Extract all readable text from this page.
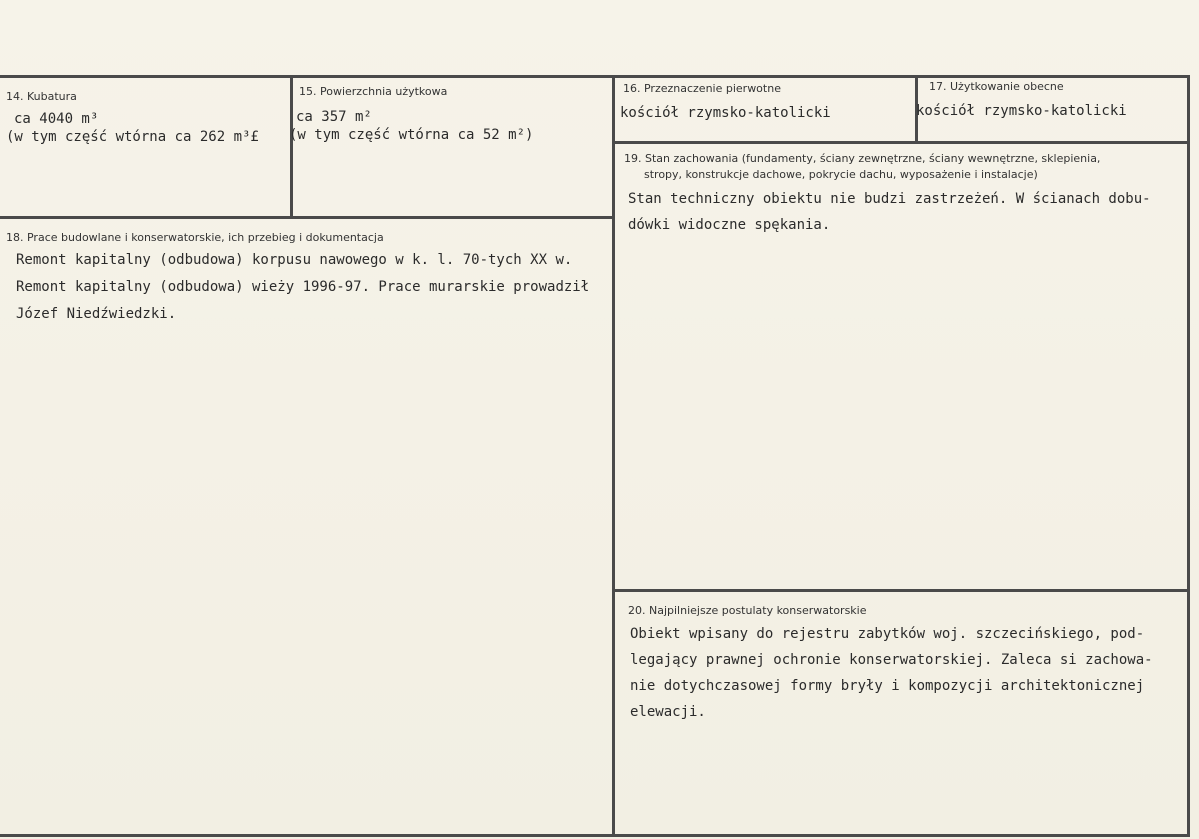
14. Kubatura
ca 4040 m³
(w tym część wtórna ca 262 m³£
15. Powierzchnia użytkowa
ca 357 m²
(w tym część wtórna ca 52 m²)
16. Przeznaczenie pierwotne
kościół rzymsko-katolicki
17. Użytkowanie obecne
kościół rzymsko-katolicki
18. Prace budowlane i konserwatorskie, ich przebieg i dokumentacja
Remont kapitalny (odbudowa) korpusu nawowego w k. l. 70-tych XX w.
Remont kapitalny (odbudowa) wieży 1996-97. Prace murarskie prowadził
Józef Niedźwiedzki.
19. Stan zachowania (fundamenty, ściany zewnętrzne, ściany wewnętrzne, sklepienia,
stropy, konstrukcje dachowe, pokrycie dachu, wyposażenie i instalacje)
Stan techniczny obiektu nie budzi zastrzeżeń. W ścianach dobu-
dówki widoczne spękania.
20. Najpilniejsze postulaty konserwatorskie
Obiekt wpisany do rejestru zabytków woj. szczecińskiego, pod-
legający prawnej ochronie konserwatorskiej. Zaleca si zachowa-
nie dotychczasowej formy bryły i kompozycji architektonicznej
elewacji.
